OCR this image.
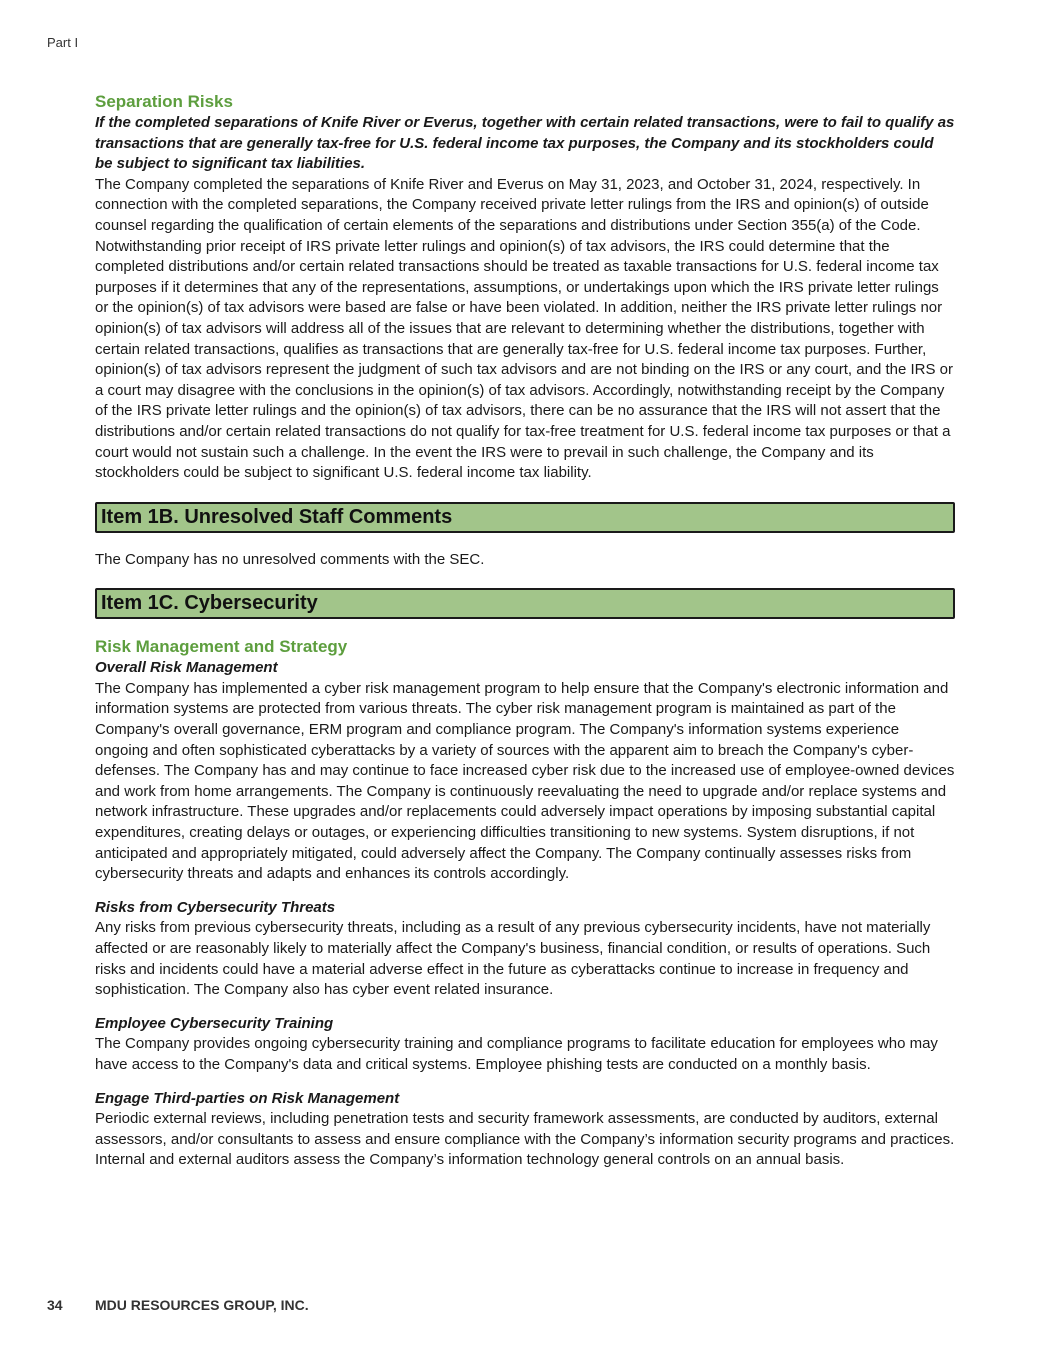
Part I
Separation Risks

If the completed separations of Knife River or Everus, together with certain related transactions, were to fail to qualify as transactions that are generally tax-free for U.S. federal income tax purposes, the Company and its stockholders could be subject to significant tax liabilities.

The Company completed the separations of Knife River and Everus on May 31, 2023, and October 31, 2024, respectively. In connection with the completed separations, the Company received private letter rulings from the IRS and opinion(s) of outside counsel regarding the qualification of certain elements of the separations and distributions under Section 355(a) of the Code. Notwithstanding prior receipt of IRS private letter rulings and opinion(s) of tax advisors, the IRS could determine that the completed distributions and/or certain related transactions should be treated as taxable transactions for U.S. federal income tax purposes if it determines that any of the representations, assumptions, or undertakings upon which the IRS private letter rulings or the opinion(s) of tax advisors were based are false or have been violated. In addition, neither the IRS private letter rulings nor opinion(s) of tax advisors will address all of the issues that are relevant to determining whether the distributions, together with certain related transactions, qualifies as transactions that are generally tax-free for U.S. federal income tax purposes. Further, opinion(s) of tax advisors represent the judgment of such tax advisors and are not binding on the IRS or any court, and the IRS or a court may disagree with the conclusions in the opinion(s) of tax advisors. Accordingly, notwithstanding receipt by the Company of the IRS private letter rulings and the opinion(s) of tax advisors, there can be no assurance that the IRS will not assert that the distributions and/or certain related transactions do not qualify for tax-free treatment for U.S. federal income tax purposes or that a court would not sustain such a challenge. In the event the IRS were to prevail in such challenge, the Company and its stockholders could be subject to significant U.S. federal income tax liability.

Item 1B. Unresolved Staff Comments

The Company has no unresolved comments with the SEC.

Item 1C. Cybersecurity
Risk Management and Strategy

Overall Risk Management

The Company has implemented a cyber risk management program to help ensure that the Company's electronic information and information systems are protected from various threats. The cyber risk management program is maintained as part of the Company's overall governance, ERM program and compliance program. The Company's information systems experience ongoing and often sophisticated cyberattacks by a variety of sources with the apparent aim to breach the Company's cyber-defenses. The Company has and may continue to face increased cyber risk due to the increased use of employee-owned devices and work from home arrangements. The Company is continuously reevaluating the need to upgrade and/or replace systems and network infrastructure. These upgrades and/or replacements could adversely impact operations by imposing substantial capital expenditures, creating delays or outages, or experiencing difficulties transitioning to new systems. System disruptions, if not anticipated and appropriately mitigated, could adversely affect the Company. The Company continually assesses risks from cybersecurity threats and adapts and enhances its controls accordingly.

Risks from Cybersecurity Threats

Any risks from previous cybersecurity threats, including as a result of any previous cybersecurity incidents, have not materially affected or are reasonably likely to materially affect the Company's business, financial condition, or results of operations. Such risks and incidents could have a material adverse effect in the future as cyberattacks continue to increase in frequency and sophistication. The Company also has cyber event related insurance.

Employee Cybersecurity Training

The Company provides ongoing cybersecurity training and compliance programs to facilitate education for employees who may have access to the Company's data and critical systems. Employee phishing tests are conducted on a monthly basis.

Engage Third-parties on Risk Management

Periodic external reviews, including penetration tests and security framework assessments, are conducted by auditors, external assessors, and/or consultants to assess and ensure compliance with the Company’s information security programs and practices. Internal and external auditors assess the Company’s information technology general controls on an annual basis.

34 MDU RESOURCES GROUP, INC.
